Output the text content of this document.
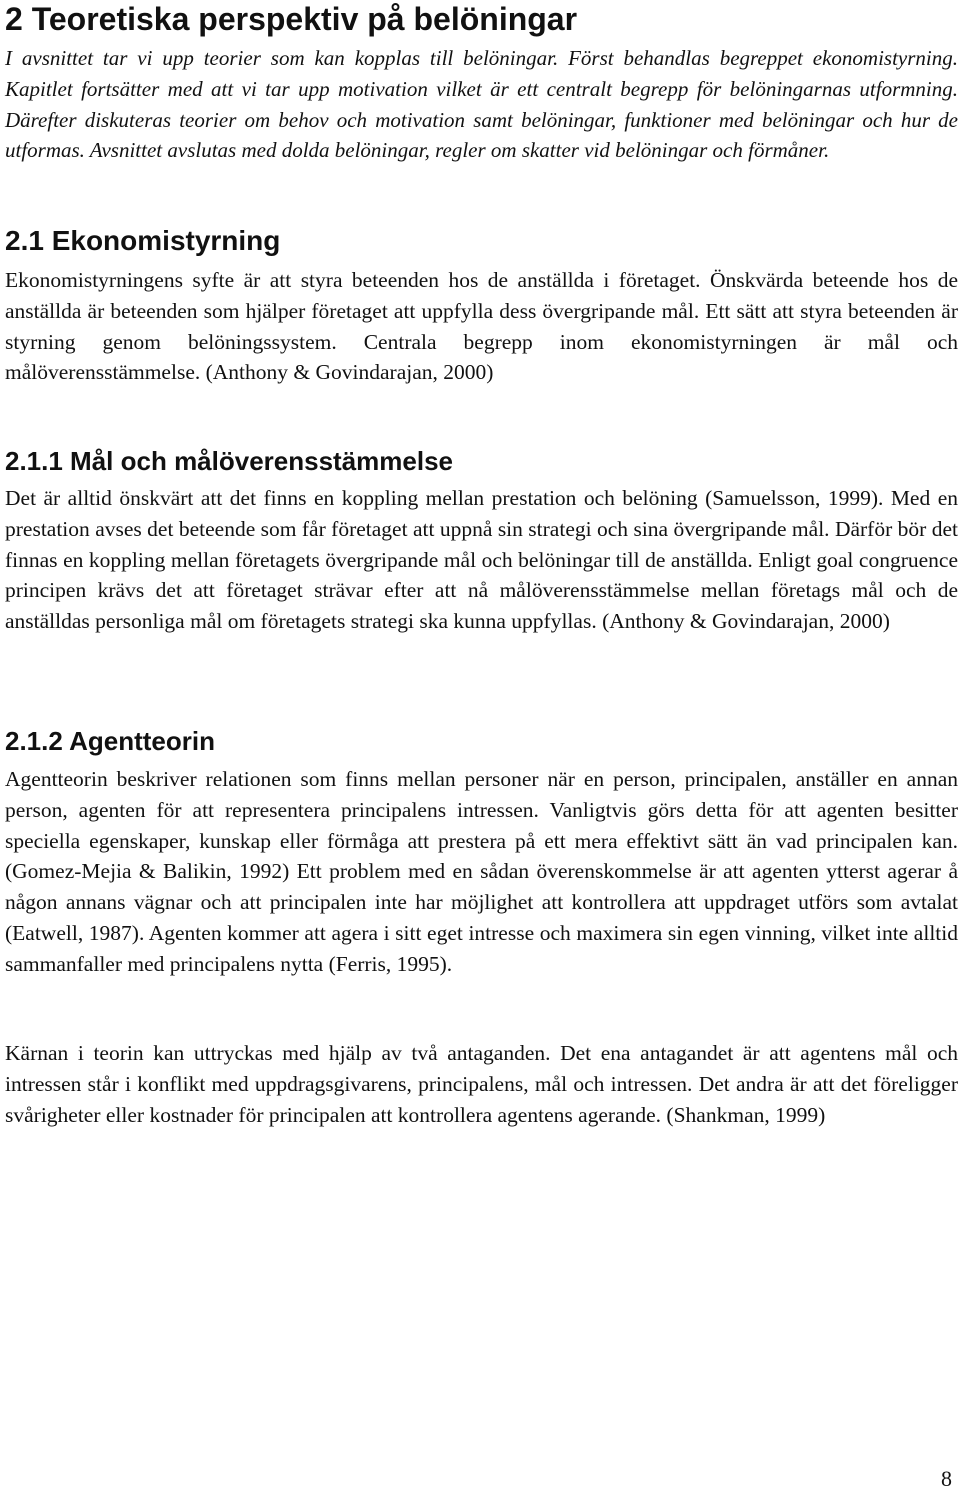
2 Teoretiska perspektiv på belöningar

I avsnittet tar vi upp teorier som kan kopplas till belöningar. Först behandlas begreppet ekonomistyrning. Kapitlet fortsätter med att vi tar upp motivation vilket är ett centralt begrepp för belöningarnas utformning. Därefter diskuteras teorier om behov och motivation samt belöningar, funktioner med belöningar och hur de utformas. Avsnittet avslutas med dolda belöningar, regler om skatter vid belöningar och förmåner.

2.1 Ekonomistyrning

Ekonomistyrningens syfte är att styra beteenden hos de anställda i företaget. Önskvärda beteende hos de anställda är beteenden som hjälper företaget att uppfylla dess övergripande mål. Ett sätt att styra beteenden är styrning genom belöningssystem. Centrala begrepp inom ekonomistyrningen är mål och målöverensstämmelse. (Anthony & Govindarajan, 2000)

2.1.1 Mål och målöverensstämmelse

Det är alltid önskvärt att det finns en koppling mellan prestation och belöning (Samuelsson, 1999). Med en prestation avses det beteende som får företaget att uppnå sin strategi och sina övergripande mål. Därför bör det finnas en koppling mellan företagets övergripande mål och belöningar till de anställda. Enligt goal congruence principen krävs det att företaget strävar efter att nå målöverensstämmelse mellan företags mål och de anställdas personliga mål om företagets strategi ska kunna uppfyllas. (Anthony & Govindarajan, 2000)

2.1.2 Agentteorin

Agentteorin beskriver relationen som finns mellan personer när en person, principalen, anställer en annan person, agenten för att representera principalens intressen. Vanligtvis görs detta för att agenten besitter speciella egenskaper, kunskap eller förmåga att prestera på ett mera effektivt sätt än vad principalen kan. (Gomez-Mejia & Balikin, 1992) Ett problem med en sådan överenskommelse är att agenten ytterst agerar å någon annans vägnar och att principalen inte har möjlighet att kontrollera att uppdraget utförs som avtalat (Eatwell, 1987). Agenten kommer att agera i sitt eget intresse och maximera sin egen vinning, vilket inte alltid sammanfaller med principalens nytta (Ferris, 1995).

Kärnan i teorin kan uttryckas med hjälp av två antaganden. Det ena antagandet är att agentens mål och intressen står i konflikt med uppdragsgivarens, principalens, mål och intressen. Det andra är att det föreligger svårigheter eller kostnader för principalen att kontrollera agentens agerande. (Shankman, 1999)

8
